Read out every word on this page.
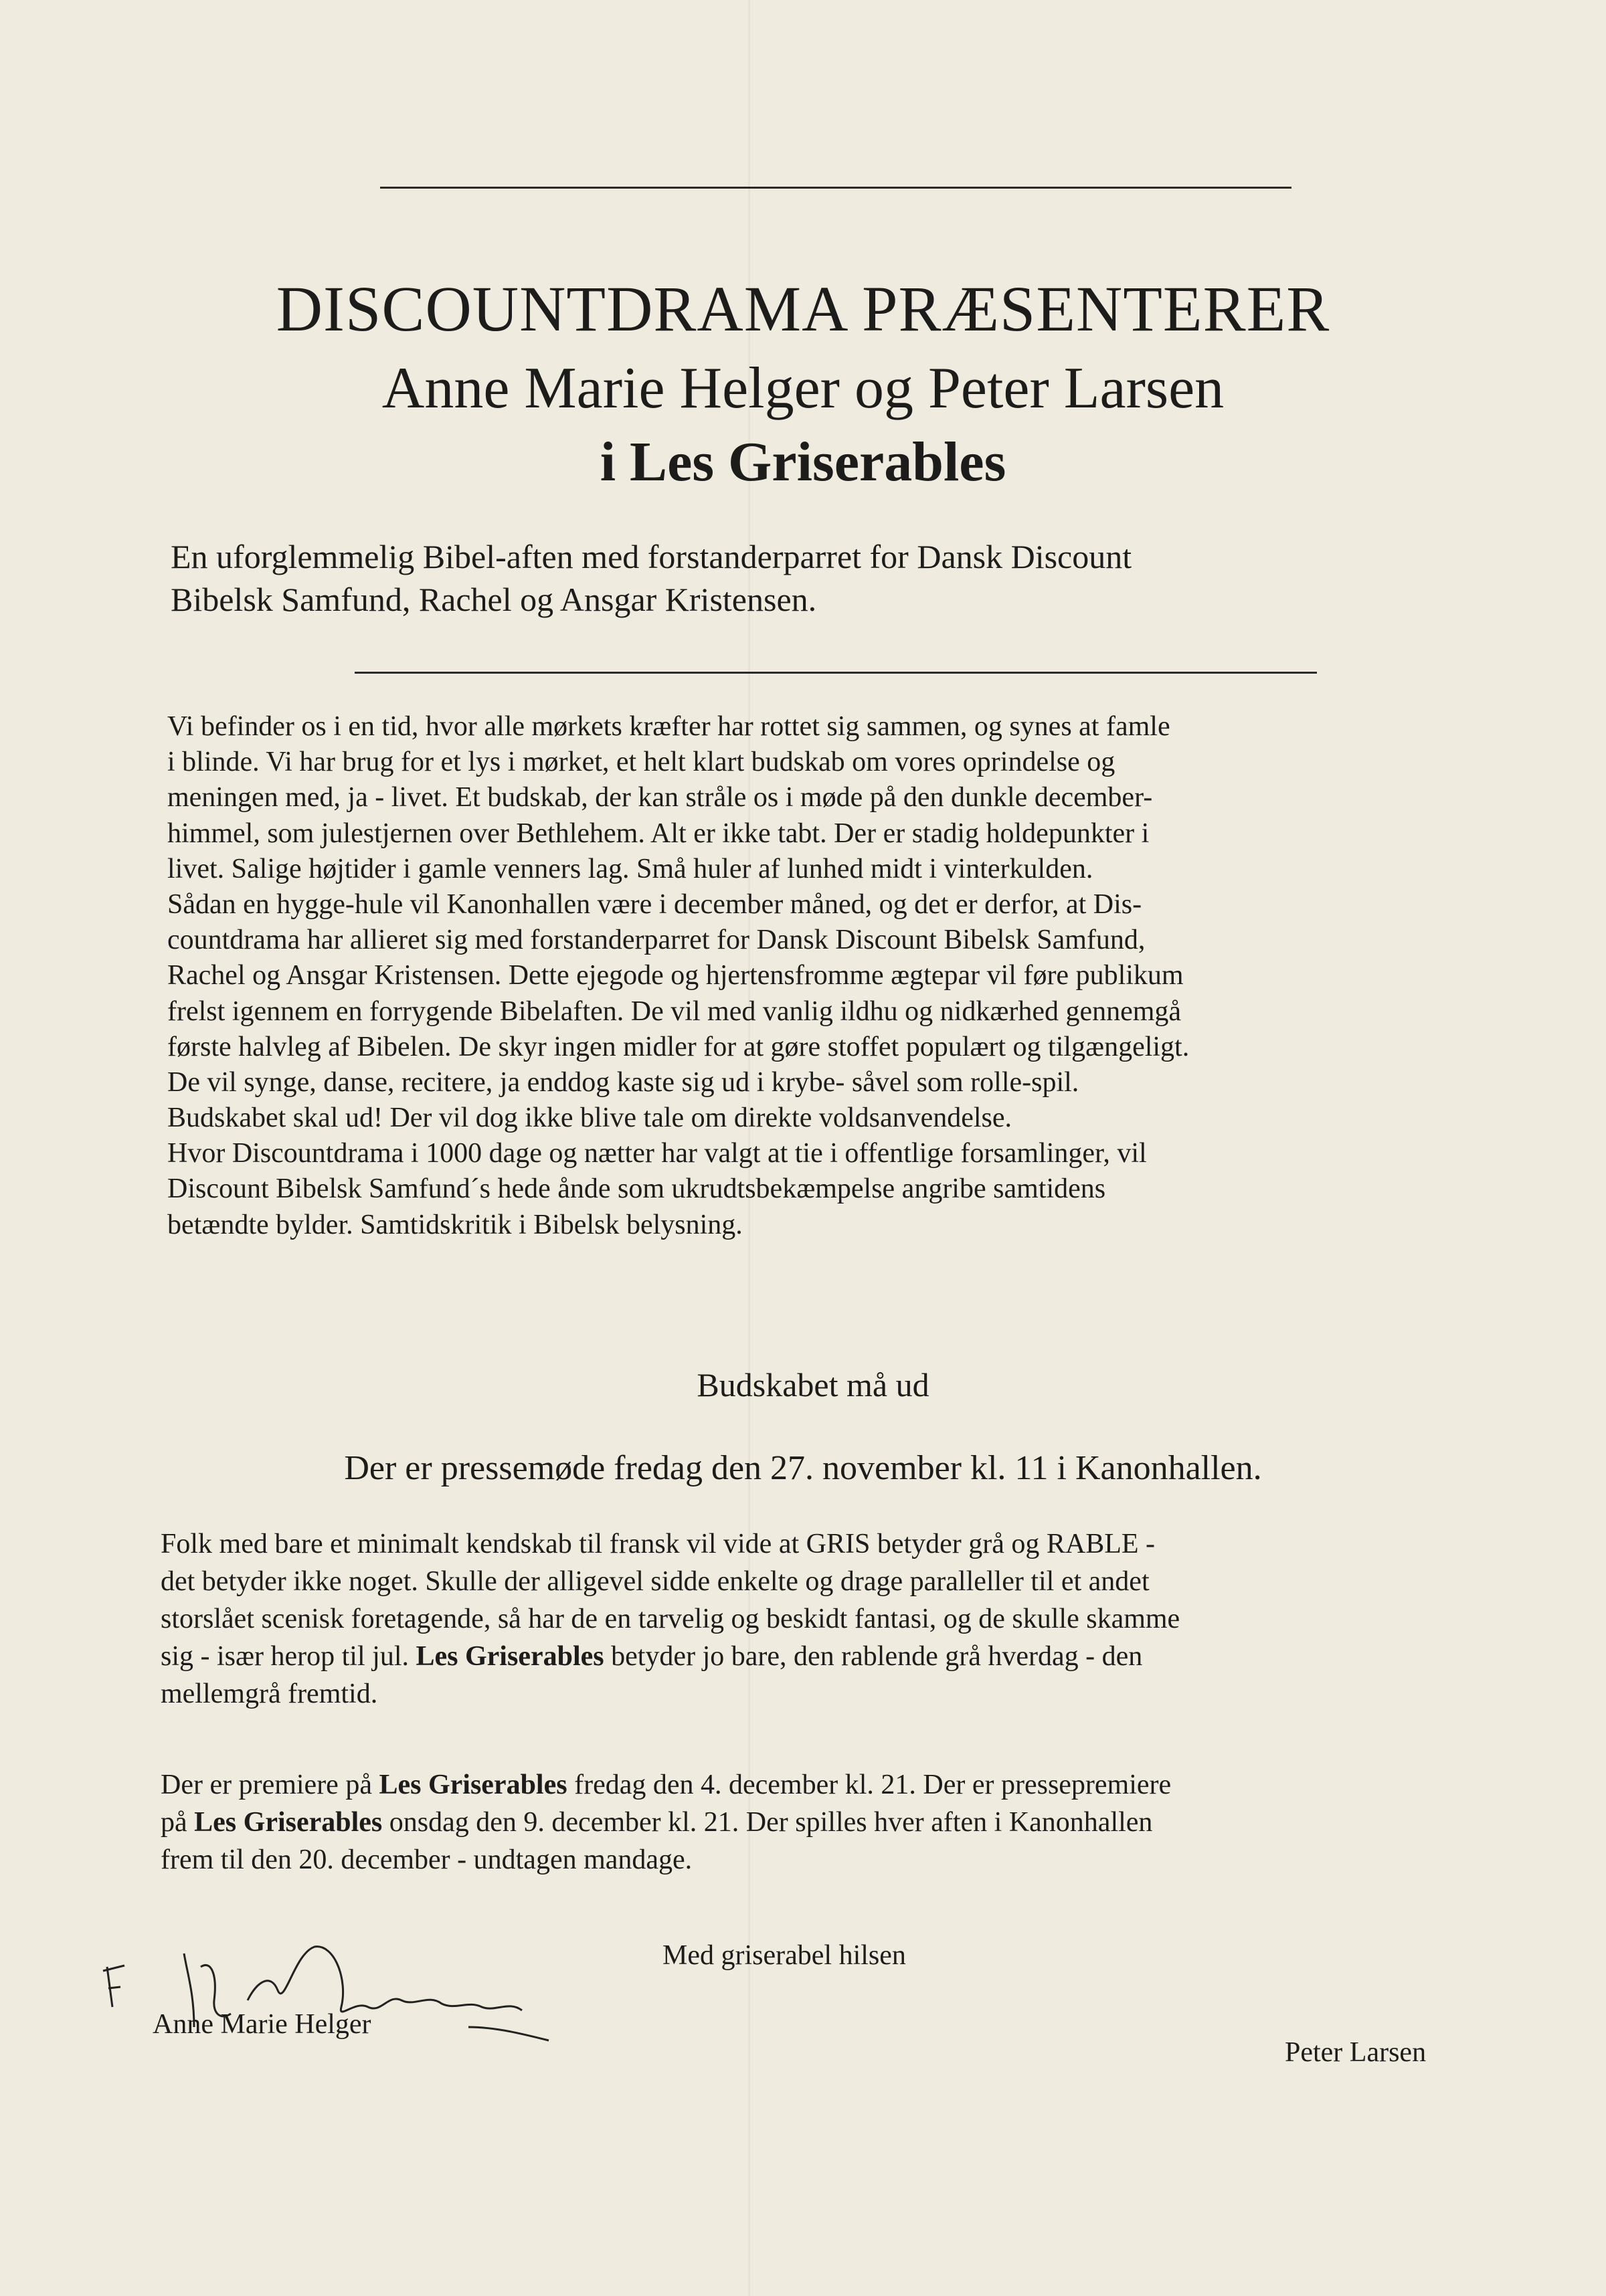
DISCOUNTDRAMA PRÆSENTERER
Anne Marie Helger og Peter Larsen
i Les Griserables
En uforglemmelig Bibel-aften med forstanderparret for Dansk Discount
Bibelsk Samfund, Rachel og Ansgar Kristensen.
Vi befinder os i en tid, hvor alle mørkets kræfter har rottet sig sammen, og synes at famle
i blinde. Vi har brug for et lys i mørket, et helt klart budskab om vores oprindelse og
meningen med, ja - livet. Et budskab, der kan stråle os i møde på den dunkle december-
himmel, som julestjernen over Bethlehem. Alt er ikke tabt. Der er stadig holdepunkter i
livet. Salige højtider i gamle venners lag. Små huler af lunhed midt i vinterkulden.
Sådan en hygge-hule vil Kanonhallen være i december måned, og det er derfor, at Dis-
countdrama har allieret sig med forstanderparret for Dansk Discount Bibelsk Samfund,
Rachel og Ansgar Kristensen. Dette ejegode og hjertensfromme ægtepar vil føre publikum
frelst igennem en forrygende Bibelaften. De vil med vanlig ildhu og nidkærhed gennemgå
første halvleg af Bibelen. De skyr ingen midler for at gøre stoffet populært og tilgængeligt.
De vil synge, danse, recitere, ja enddog kaste sig ud i krybe- såvel som rolle-spil.
Budskabet skal ud! Der vil dog ikke blive tale om direkte voldsanvendelse.
Hvor Discountdrama i 1000 dage og nætter har valgt at tie i offentlige forsamlinger, vil
Discount Bibelsk Samfund´s hede ånde som ukrudtsbekæmpelse angribe samtidens
betændte bylder. Samtidskritik i Bibelsk belysning.
Budskabet må ud
Der er pressemøde fredag den 27. november kl. 11 i Kanonhallen.
Folk med bare et minimalt kendskab til fransk vil vide at GRIS betyder grå og RABLE -
det betyder ikke noget. Skulle der alligevel sidde enkelte og drage paralleller til et andet
storslået scenisk foretagende, så har de en tarvelig og beskidt fantasi, og de skulle skamme
sig - især herop til jul. Les Griserables betyder jo bare, den rablende grå hverdag - den
mellemgrå fremtid.
Der er premiere på Les Griserables fredag den 4. december kl. 21. Der er pressepremiere
på Les Griserables onsdag den 9. december kl. 21. Der spilles hver aften i Kanonhallen
frem til den 20. december - undtagen mandage.
Med griserabel hilsen
Anne Marie Helger
Peter Larsen
